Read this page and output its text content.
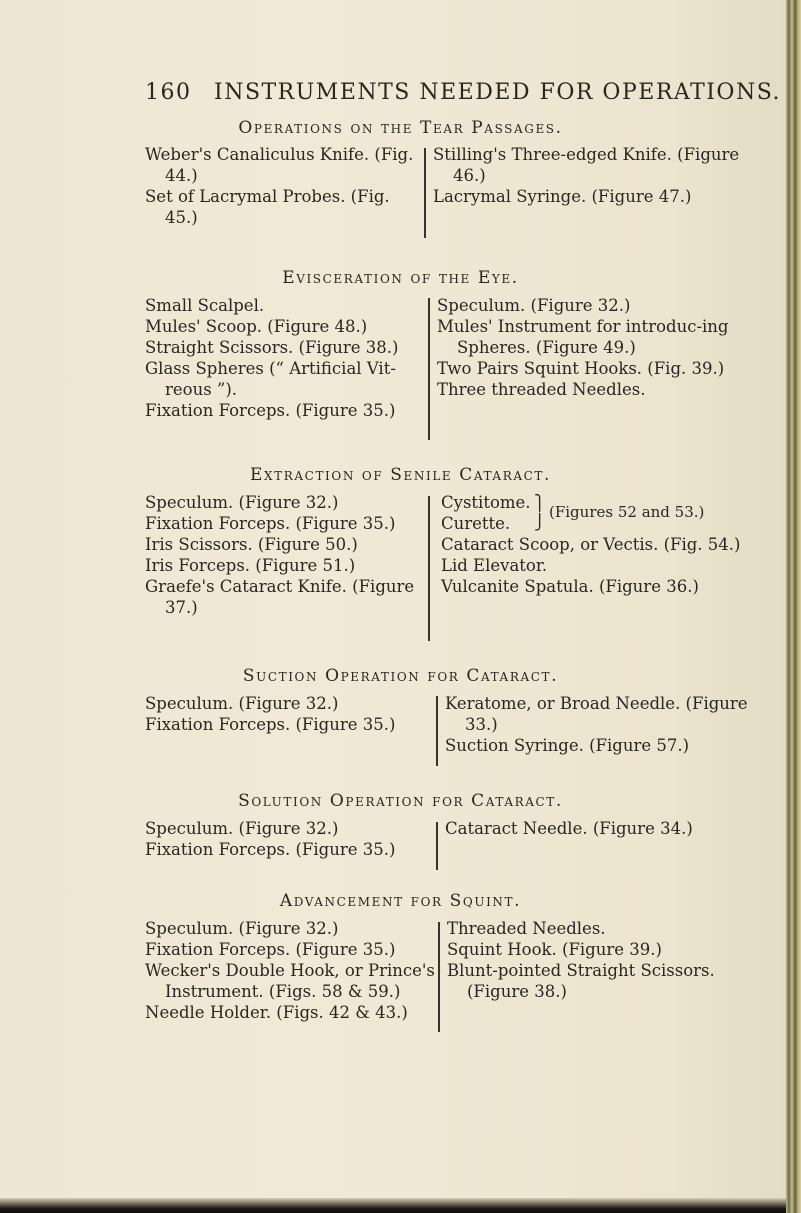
160 INSTRUMENTS NEEDED FOR OPERATIONS.
Operations on the Tear Passages.
Weber's Canaliculus Knife. (Fig. 44.)
Set of Lacrymal Probes. (Fig. 45.)
Stilling's Three-edged Knife. (Figure 46.)
Lacrymal Syringe. (Figure 47.)
Evisceration of the Eye.
Small Scalpel.
Mules' Scoop. (Figure 48.)
Straight Scissors. (Figure 38.)
Glass Spheres (“ Artificial Vit-reous ”).
Fixation Forceps. (Figure 35.)
Speculum. (Figure 32.)
Mules' Instrument for introduc-ing Spheres. (Figure 49.)
Two Pairs Squint Hooks. (Fig. 39.)
Three threaded Needles.
Extraction of Senile Cataract.
Speculum. (Figure 32.)
Fixation Forceps. (Figure 35.)
Iris Scissors. (Figure 50.)
Iris Forceps. (Figure 51.)
Graefe's Cataract Knife. (Figure 37.)
Cystitome.
Curette.
⎫
⎭
(Figures 52 and 53.)
Cataract Scoop, or Vectis. (Fig. 54.)
Lid Elevator.
Vulcanite Spatula. (Figure 36.)
Suction Operation for Cataract.
Speculum. (Figure 32.)
Fixation Forceps. (Figure 35.)
Keratome, or Broad Needle. (Figure 33.)
Suction Syringe. (Figure 57.)
Solution Operation for Cataract.
Speculum. (Figure 32.)
Fixation Forceps. (Figure 35.)
Cataract Needle. (Figure 34.)
Advancement for Squint.
Speculum. (Figure 32.)
Fixation Forceps. (Figure 35.)
Wecker's Double Hook, or Prince's Instrument. (Figs. 58 & 59.)
Needle Holder. (Figs. 42 & 43.)
Threaded Needles.
Squint Hook. (Figure 39.)
Blunt-pointed Straight Scissors. (Figure 38.)
